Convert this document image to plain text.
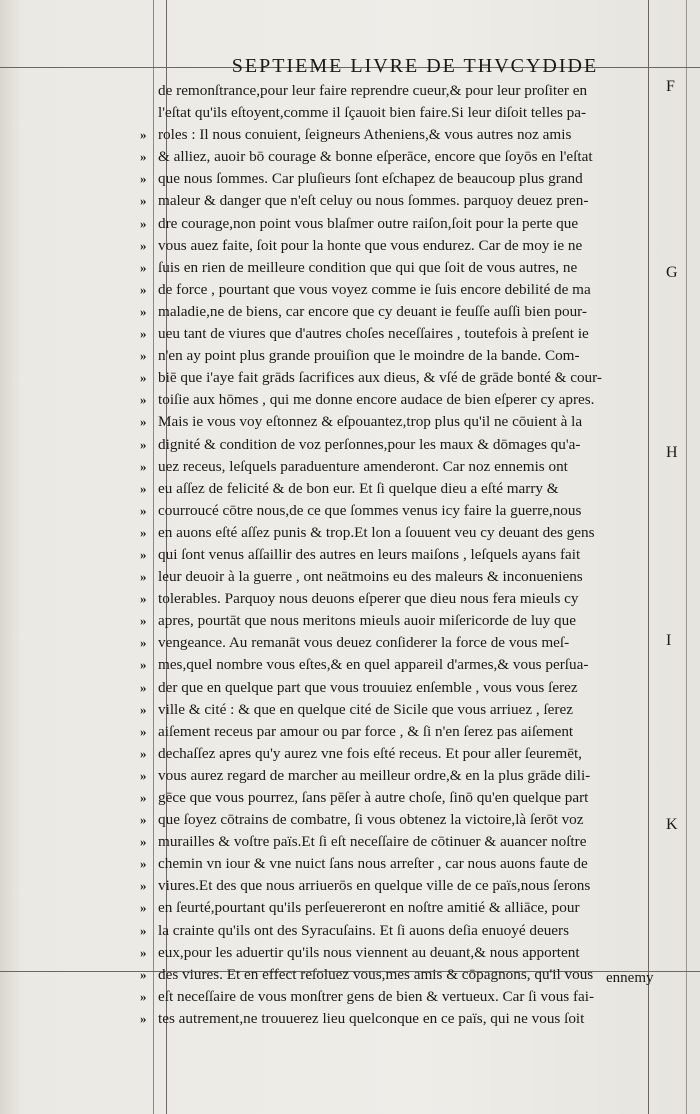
SEPTIEME LIVRE DE THVCYDIDE
de remonſtrance,pour leur faire reprendre cueur,& pour leur proſiter en
l'eſtat qu'ils eſtoyent,comme il ſçauoit bien faire.Si leur diſoit telles pa-
» roles : Il nous conuient, ſeigneurs Atheniens,& vous autres noz amis
» & alliez, auoir bō courage & bonne eſperāce, encore que ſoyōs en l'eſtat
» que nous ſommes. Car pluſieurs ſont eſchapez de beaucoup plus grand
» maleur & danger que n'eſt celuy ou nous ſommes. parquoy deuez pren-
» dre courage,non point vous blaſmer outre raiſon,ſoit pour la perte que
» vous auez faite, ſoit pour la honte que vous endurez. Car de moy ie ne
» ſuis en rien de meilleure condition que qui que ſoit de vous autres, ne
» de force , pourtant que vous voyez comme ie ſuis encore debilité de ma
» maladie,ne de biens, car encore que cy deuant ie feuſſe auſſi bien pour-
» ueu tant de viures que d'autres choſes neceſſaires , toutefois à preſent ie
» n'en ay point plus grande prouiſion que le moindre de la bande. Com-
» biē que i'aye fait grāds ſacrifices aux dieus, & vſé de grāde bonté & cour-
» toiſie aux hōmes , qui me donne encore audace de bien eſperer cy apres.
» Mais ie vous voy eſtonnez & eſpouantez,trop plus qu'il ne cōuient à la
» dignité & condition de voz perſonnes,pour les maux & dōmages qu'a-
» uez receus, leſquels paraduenture amenderont. Car noz ennemis ont
» eu aſſez de felicité & de bon eur. Et ſi quelque dieu a eſté marry &
» courroucé cōtre nous,de ce que ſommes venus icy faire la guerre,nous
» en auons eſté aſſez punis & trop.Et lon a ſouuent veu cy deuant des gens
» qui ſont venus aſſaillir des autres en leurs maiſons , leſquels ayans fait
» leur deuoir à la guerre , ont neātmoins eu des maleurs & inconueniens
» tolerables. Parquoy nous deuons eſperer que dieu nous fera mieuls cy
» apres, pourtāt que nous meritons mieuls auoir miſericorde de luy que
» vengeance. Au remanāt vous deuez conſiderer la force de vous meſ-
» mes,quel nombre vous eſtes,& en quel appareil d'armes,& vous perſua-
» der que en quelque part que vous trouuiez enſemble , vous vous ſerez
» ville & cité : & que en quelque cité de Sicile que vous arriuez , ſerez
» aiſement receus par amour ou par force , & ſi n'en ſerez pas aiſement
» dechaſſez apres qu'y aurez vne fois eſté receus. Et pour aller ſeuremēt,
» vous aurez regard de marcher au meilleur ordre,& en la plus grāde dili-
» gēce que vous pourrez, ſans pēſer à autre choſe, ſinō qu'en quelque part
» que ſoyez cōtrains de combatre, ſi vous obtenez la victoire,là ſerōt voz
» murailles & voſtre païs.Et ſi eſt neceſſaire de cōtinuer & auancer noſtre
» chemin vn iour & vne nuict ſans nous arreſter , car nous auons faute de
» viures.Et des que nous arriuerōs en quelque ville de ce païs,nous ſerons
» en ſeurté,pourtant qu'ils perſeuereront en noſtre amitié & alliāce, pour
» la crainte qu'ils ont des Syracuſains. Et ſi auons deſia enuoyé deuers
» eux,pour les aduertir qu'ils nous viennent au deuant,& nous apportent
» des viures. Et en effect reſoluez vous,mes amis & cōpagnons, qu'il vous
» eſt neceſſaire de vous monſtrer gens de bien & vertueux. Car ſi vous fai-
» tes autrement,ne trouuerez lieu quelconque en ce païs, qui ne vous ſoit
F
G
H
I
K
ennemy
